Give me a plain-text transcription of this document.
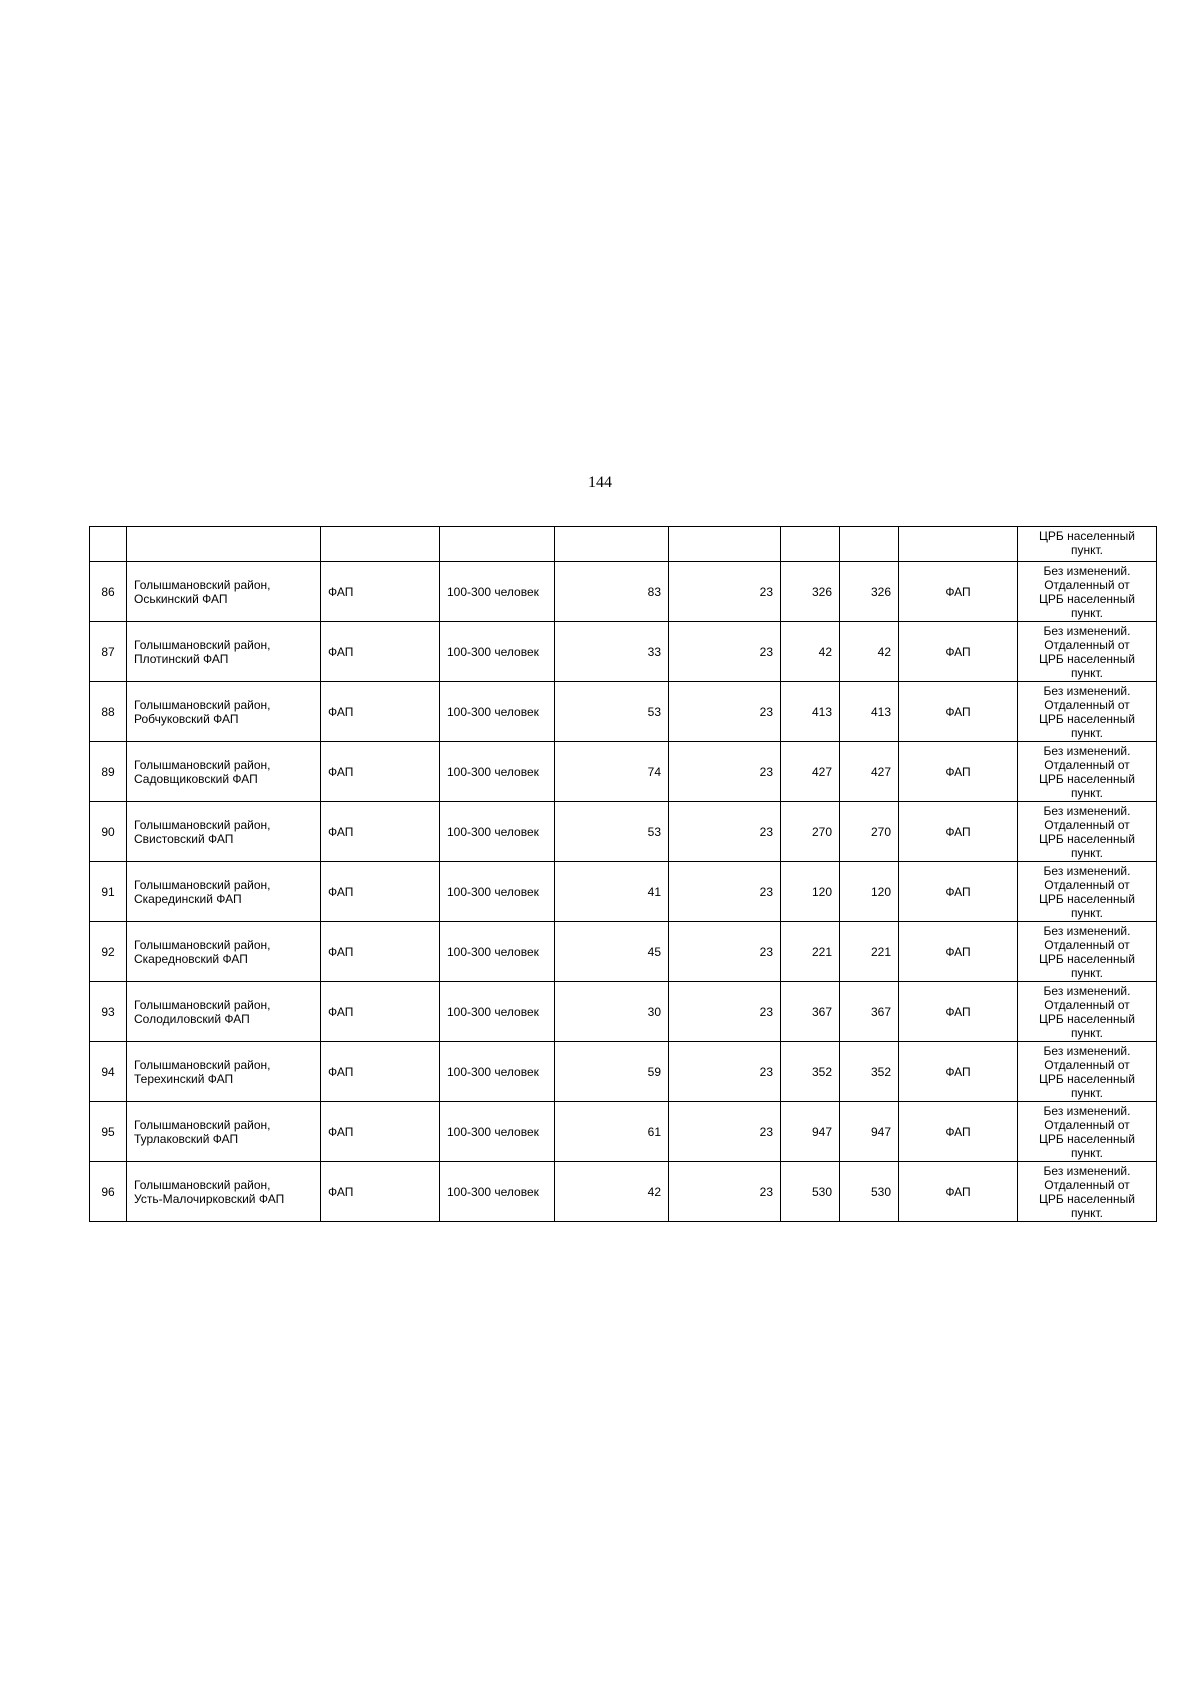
144

									ЦРБ населенный
пункт.

86	Голышмановский район,
Оськинский ФАП	ФАП	100-300 человек	83	23	326	326	ФАП	Без изменений.
Отдаленный от
ЦРБ населенный
пункт.

87	Голышмановский район,
Плотинский ФАП	ФАП	100-300 человек	33	23	42	42	ФАП	Без изменений.
Отдаленный от
ЦРБ населенный
пункт.

88	Голышмановский район,
Робчуковский ФАП	ФАП	100-300 человек	53	23	413	413	ФАП	Без изменений.
Отдаленный от
ЦРБ населенный
пункт.

89	Голышмановский район,
Садовщиковский ФАП	ФАП	100-300 человек	74	23	427	427	ФАП	Без изменений.
Отдаленный от
ЦРБ населенный
пункт.

90	Голышмановский район,
Свистовский ФАП	ФАП	100-300 человек	53	23	270	270	ФАП	Без изменений.
Отдаленный от
ЦРБ населенный
пункт.

91	Голышмановский район,
Скарединский ФАП	ФАП	100-300 человек	41	23	120	120	ФАП	Без изменений.
Отдаленный от
ЦРБ населенный
пункт.

92	Голышмановский район,
Скаредновский ФАП	ФАП	100-300 человек	45	23	221	221	ФАП	Без изменений.
Отдаленный от
ЦРБ населенный
пункт.

93	Голышмановский район,
Солодиловский ФАП	ФАП	100-300 человек	30	23	367	367	ФАП	Без изменений.
Отдаленный от
ЦРБ населенный
пункт.

94	Голышмановский район,
Терехинский ФАП	ФАП	100-300 человек	59	23	352	352	ФАП	Без изменений.
Отдаленный от
ЦРБ населенный
пункт.

95	Голышмановский район,
Турлаковский ФАП	ФАП	100-300 человек	61	23	947	947	ФАП	Без изменений.
Отдаленный от
ЦРБ населенный
пункт.

96	Голышмановский район,
Усть-Малочирковский ФАП	ФАП	100-300 человек	42	23	530	530	ФАП	Без изменений.
Отдаленный от
ЦРБ населенный
пункт.
